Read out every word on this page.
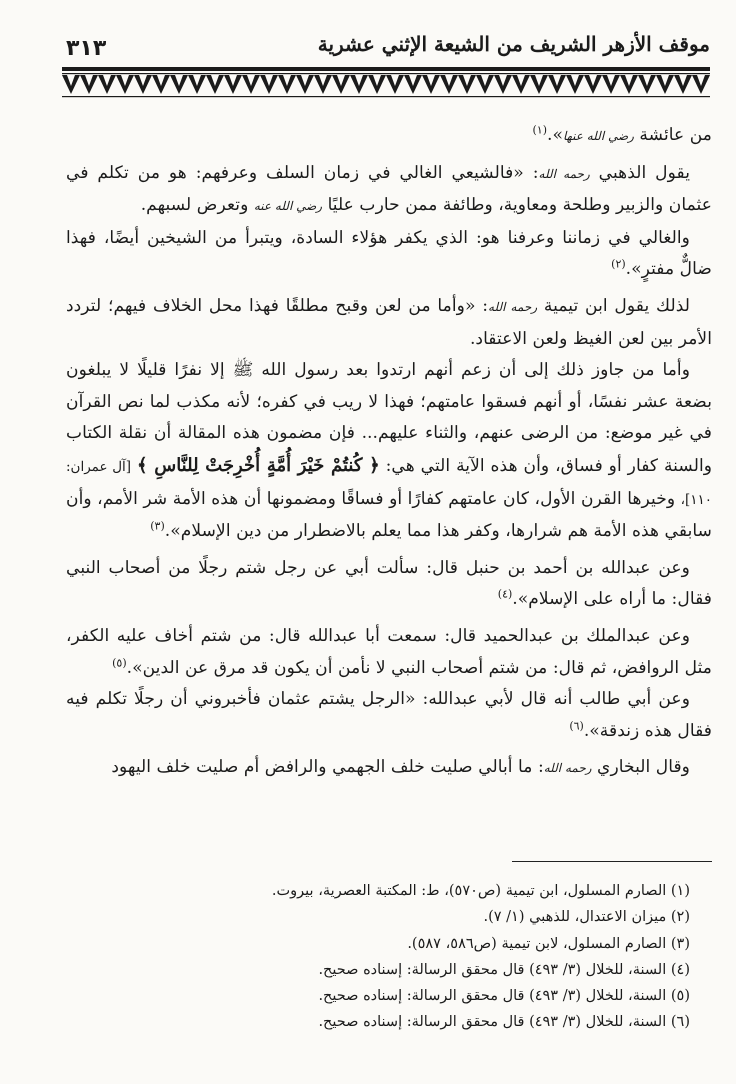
٣١٣	موقف الأزهر الشريف من الشيعة الإثني عشرية

من عائشة رضي الله عنها».$^{(١)}$

يقول الذهبي رحمه الله: «فالشيعي الغالي في زمان السلف وعرفهم: هو من تكلم في عثمان والزبير وطلحة ومعاوية، وطائفة ممن حارب عليًا رضي الله عنه وتعرض لسبهم.

والغالي في زماننا وعرفنا هو: الذي يكفر هؤلاء السادة، ويتبرأ من الشيخين أيضًا، فهذا ضالٌّ مفترٍ».$^{(٢)}$

لذلك يقول ابن تيمية رحمه الله: «وأما من لعن وقبح مطلقًا فهذا محل الخلاف فيهم؛ لتردد الأمر بين لعن الغيظ ولعن الاعتقاد.

وأما من جاوز ذلك إلى أن زعم أنهم ارتدوا بعد رسول الله ﷺ إلا نفرًا قليلًا لا يبلغون بضعة عشر نفسًا، أو أنهم فسقوا عامتهم؛ فهذا لا ريب في كفره؛ لأنه مكذب لما نص القرآن في غير موضع: من الرضى عنهم، والثناء عليهم... فإن مضمون هذه المقالة أن نقلة الكتاب والسنة كفار أو فساق، وأن هذه الآية التي هي: ﴿ كُنتُمْ خَيْرَ أُمَّةٍ أُخْرِجَتْ لِلنَّاسِ ﴾ [آل عمران: ١١٠]، وخيرها القرن الأول، كان عامتهم كفارًا أو فساقًا ومضمونها أن هذه الأمة شر الأمم، وأن سابقي هذه الأمة هم شرارها، وكفر هذا مما يعلم بالاضطرار من دين الإسلام».$^{(٣)}$

وعن عبدالله بن أحمد بن حنبل قال: سألت أبي عن رجل شتم رجلًا من أصحاب النبي فقال: ما أراه على الإسلام».$^{(٤)}$

وعن عبدالملك بن عبدالحميد قال: سمعت أبا عبدالله قال: من شتم أخاف عليه الكفر، مثل الروافض، ثم قال: من شتم أصحاب النبي لا نأمن أن يكون قد مرق عن الدين».$^{(٥)}$

وعن أبي طالب أنه قال لأبي عبدالله: «الرجل يشتم عثمان فأخبروني أن رجلًا تكلم فيه فقال هذه زندقة».$^{(٦)}$

وقال البخاري رحمه الله: ما أبالي صليت خلف الجهمي والرافض أم صليت خلف اليهود

(١) الصارم المسلول، ابن تيمية (ص٥٧٠)، ط: المكتبة العصرية، بيروت.
(٢) ميزان الاعتدال، للذهبي (١/ ٧).
(٣) الصارم المسلول، لابن تيمية (ص٥٨٦، ٥٨٧).
(٤) السنة، للخلال (٣/ ٤٩٣) قال محقق الرسالة: إسناده صحيح.
(٥) السنة، للخلال (٣/ ٤٩٣) قال محقق الرسالة: إسناده صحيح.
(٦) السنة، للخلال (٣/ ٤٩٣) قال محقق الرسالة: إسناده صحيح.
